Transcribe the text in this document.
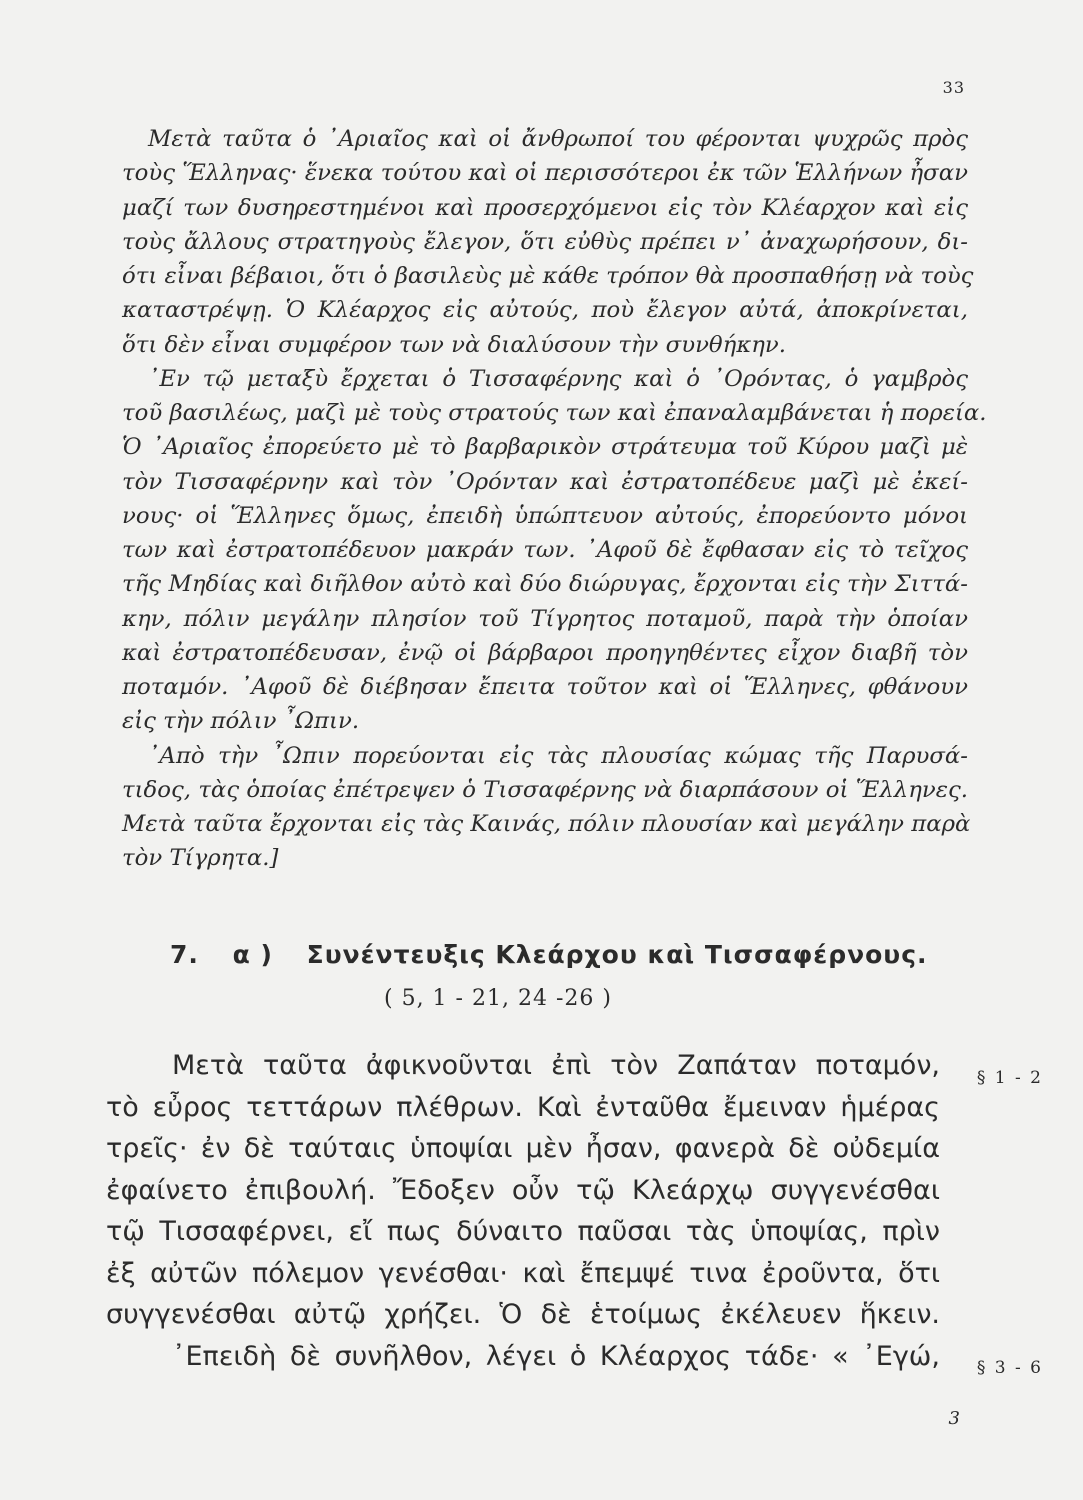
33
Μετὰ ταῦτα ὁ ᾿Αριαῖος καὶ οἱ ἄνθρωποί του φέρονται ψυχρῶς πρὸς
τοὺς Ἕλληνας· ἕνεκα τούτου καὶ οἱ περισσότεροι ἐκ τῶν Ἑλλήνων ἦσαν
μαζί των δυσηρεστημένοι καὶ προσερχόμενοι εἰς τὸν Κλέαρχον καὶ εἰς
τοὺς ἄλλους στρατηγοὺς ἔλεγον, ὅτι εὐθὺς πρέπει ν᾿ ἀναχωρήσουν, δι-
ότι εἶναι βέβαιοι, ὅτι ὁ βασιλεὺς μὲ κάθε τρόπον θὰ προσπαθήσῃ νὰ τοὺς
καταστρέψῃ. Ὁ Κλέαρχος εἰς αὐτούς, ποὺ ἔλεγον αὐτά, ἀποκρίνεται,
ὅτι δὲν εἶναι συμφέρον των νὰ διαλύσουν τὴν συνθήκην.
᾿Εν τῷ μεταξὺ ἔρχεται ὁ Τισσαφέρνης καὶ ὁ ᾿Ορόντας, ὁ γαμβρὸς
τοῦ βασιλέως, μαζὶ μὲ τοὺς στρατούς των καὶ ἐπαναλαμβάνεται ἡ πορεία.
Ὁ ᾿Αριαῖος ἐπορεύετο μὲ τὸ βαρβαρικὸν στράτευμα τοῦ Κύρου μαζὶ μὲ
τὸν Τισσαφέρνην καὶ τὸν ᾿Ορόνταν καὶ ἐστρατοπέδευε μαζὶ μὲ ἐκεί-
νους· οἱ Ἕλληνες ὅμως, ἐπειδὴ ὑπώπτευον αὐτούς, ἐπορεύοντο μόνοι
των καὶ ἐστρατοπέδευον μακράν των. ᾿Αφοῦ δὲ ἔφθασαν εἰς τὸ τεῖχος
τῆς Μηδίας καὶ διῆλθον αὐτὸ καὶ δύο διώρυγας, ἔρχονται εἰς τὴν Σιττά-
κην, πόλιν μεγάλην πλησίον τοῦ Τίγρητος ποταμοῦ, παρὰ τὴν ὁποίαν
καὶ ἐστρατοπέδευσαν, ἐνῷ οἱ βάρβαροι προηγηθέντες εἶχον διαβῆ τὸν
ποταμόν. ᾿Αφοῦ δὲ διέβησαν ἔπειτα τοῦτον καὶ οἱ Ἕλληνες, φθάνουν
εἰς τὴν πόλιν ῏Ωπιν.
᾿Απὸ τὴν ῏Ωπιν πορεύονται εἰς τὰς πλουσίας κώμας τῆς Παρυσά-
τιδος, τὰς ὁποίας ἐπέτρεψεν ὁ Τισσαφέρνης νὰ διαρπάσουν οἱ Ἕλληνες.
Μετὰ ταῦτα ἔρχονται εἰς τὰς Καινάς, πόλιν πλουσίαν καὶ μεγάλην παρὰ
τὸν Τίγρητα.]
7. α ) Συνέντευξις Κλεάρχου καὶ Τισσαφέρνους.
( 5, 1 - 21, 24 -26 )
Μετὰ ταῦτα ἀφικνοῦνται ἐπὶ τὸν Ζαπάταν ποταμόν,
τὸ εὖρος τεττάρων πλέθρων. Καὶ ἐνταῦθα ἔμειναν ἡμέρας
τρεῖς· ἐν δὲ ταύταις ὑποψίαι μὲν ἦσαν, φανερὰ δὲ οὐδεμία
ἐφαίνετο ἐπιβουλή. Ἔδοξεν οὖν τῷ Κλεάρχῳ συγγενέσθαι
τῷ Τισσαφέρνει, εἴ πως δύναιτο παῦσαι τὰς ὑποψίας, πρὶν
ἐξ αὐτῶν πόλεμον γενέσθαι· καὶ ἔπεμψέ τινα ἐροῦντα, ὅτι
συγγενέσθαι αὐτῷ χρήζει. Ὁ δὲ ἑτοίμως ἐκέλευεν ἥκειν.
᾿Επειδὴ δὲ συνῆλθον, λέγει ὁ Κλέαρχος τάδε· « ᾿Εγώ,
§ 1 - 2
§ 3 - 6
3
